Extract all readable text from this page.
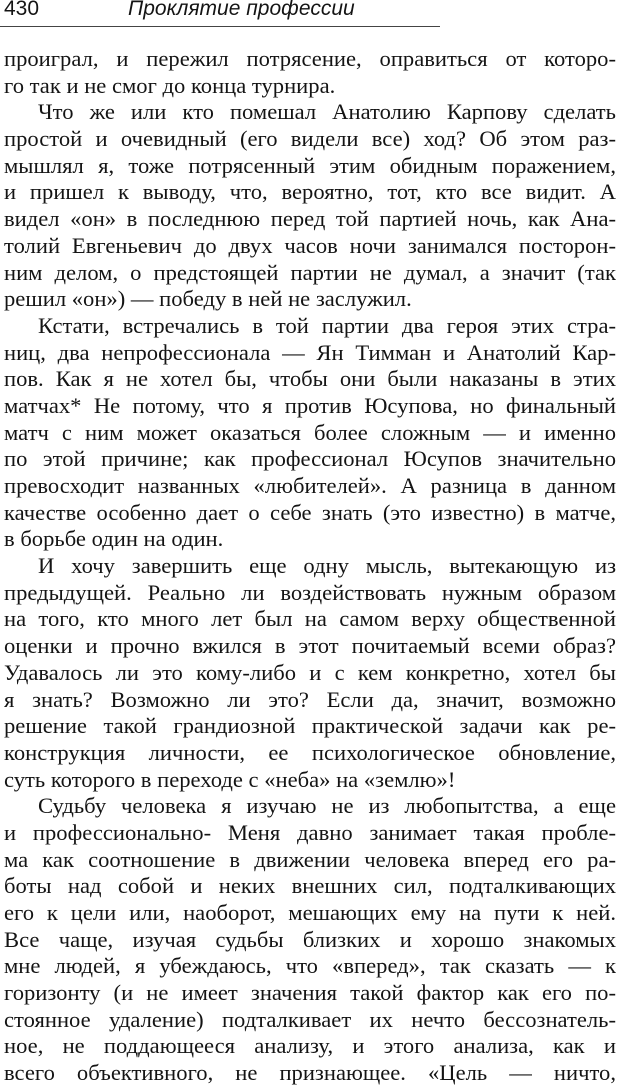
430	Проклятие профессии
проиграл, и пережил потрясение, оправиться от которо-
го так и не смог до конца турнира.
Что же или кто помешал Анатолию Карпову сделать
простой и очевидный (его видели все) ход? Об этом раз-
мышлял я, тоже потрясенный этим обидным поражением,
и пришел к выводу, что, вероятно, тот, кто все видит. А
видел «он» в последнюю перед той партией ночь, как Ана-
толий Евгеньевич до двух часов ночи занимался посторон-
ним делом, о предстоящей партии не думал, а значит (так
решил «он») — победу в ней не заслужил.
Кстати, встречались в той партии два героя этих стра-
ниц, два непрофессионала — Ян Тимман и Анатолий Кар-
пов. Как я не хотел бы, чтобы они были наказаны в этих
матчах* Не потому, что я против Юсупова, но финальный
матч с ним может оказаться более сложным — и именно
по этой причине; как профессионал Юсупов значительно
превосходит названных «любителей». А разница в данном
качестве особенно дает о себе знать (это известно) в матче,
в борьбе один на один.
И хочу завершить еще одну мысль, вытекающую из
предыдущей. Реально ли воздействовать нужным образом
на того, кто много лет был на самом верху общественной
оценки и прочно вжился в этот почитаемый всеми образ?
Удавалось ли это кому-либо и с кем конкретно, хотел бы
я знать? Возможно ли это? Если да, значит, возможно
решение такой грандиозной практической задачи как ре-
конструкция личности, ее психологическое обновление,
суть которого в переходе с «неба» на «землю»!
Судьбу человека я изучаю не из любопытства, а еще
и профессионально- Меня давно занимает такая пробле-
ма как соотношение в движении человека вперед его ра-
боты над собой и неких внешних сил, подталкивающих
его к цели или, наоборот, мешающих ему на пути к ней.
Все чаще, изучая судьбы близких и хорошо знакомых
мне людей, я убеждаюсь, что «вперед», так сказать — к
горизонту (и не имеет значения такой фактор как его по-
стоянное удаление) подталкивает их нечто бессознатель-
ное, не поддающееся анализу, и этого анализа, как и
всего объективного, не признающее. «Цель — ничто,
